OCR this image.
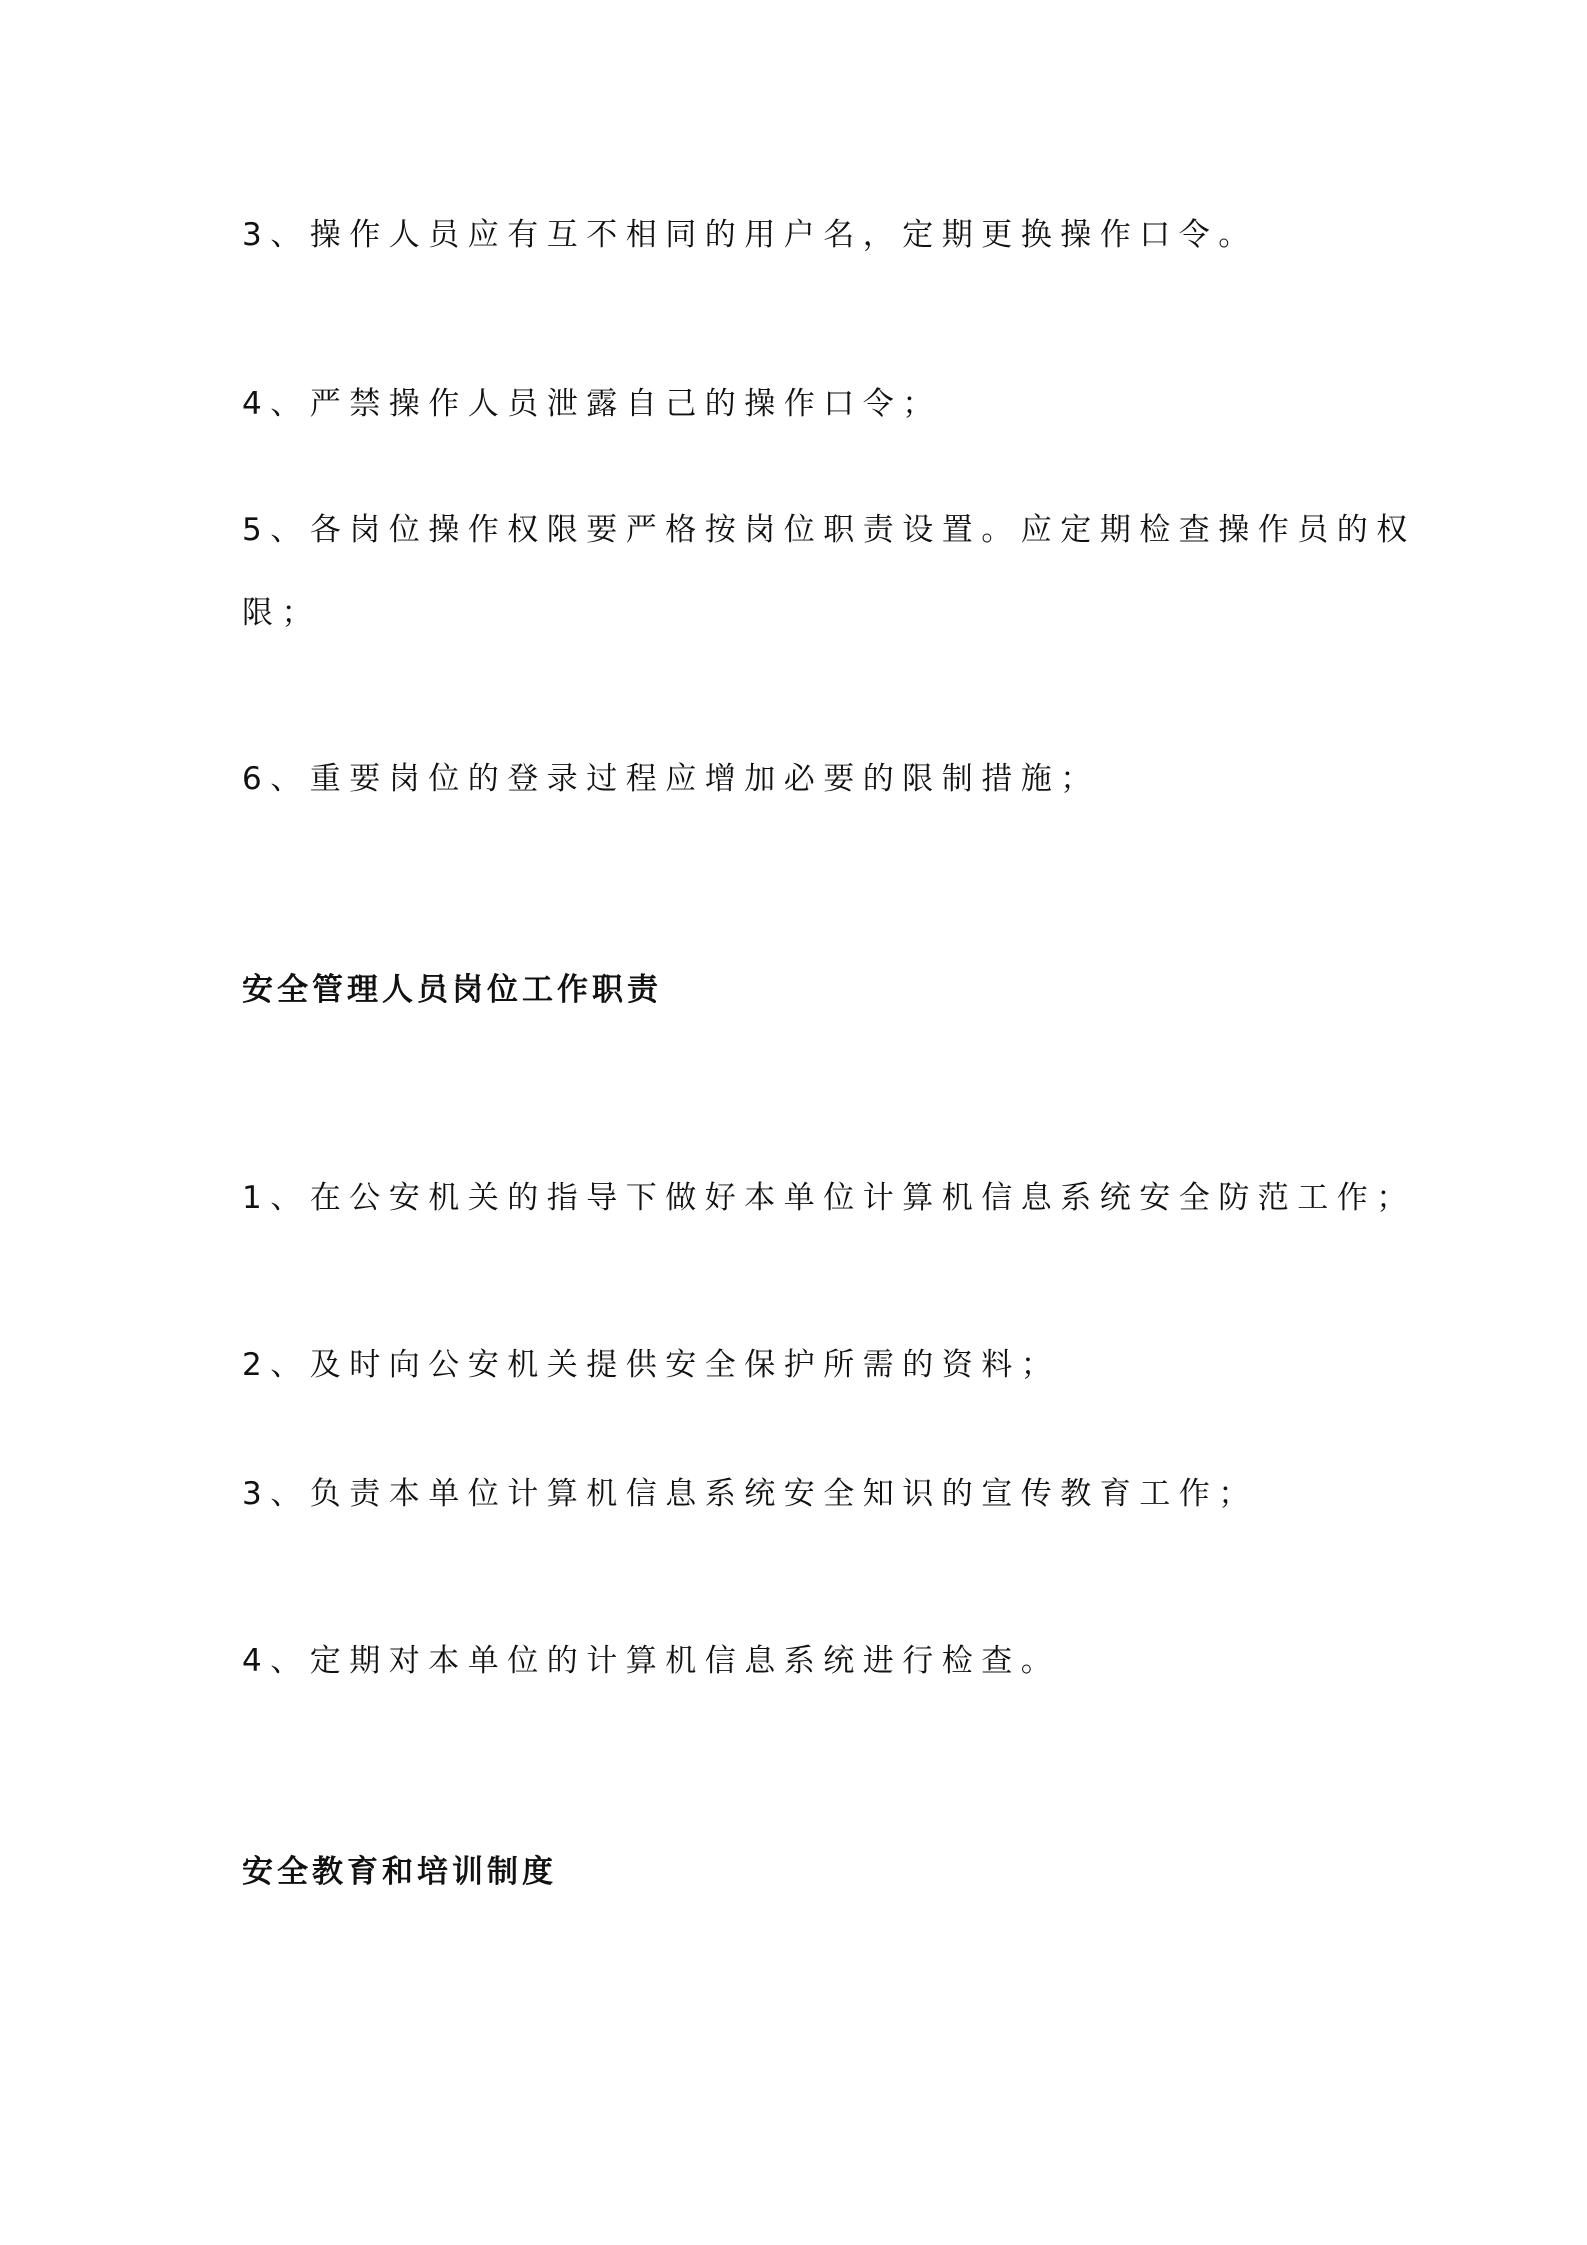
3、操作人员应有互不相同的用户名，定期更换操作口令。
4、严禁操作人员泄露自己的操作口令；
5、各岗位操作权限要严格按岗位职责设置。应定期检查操作员的权
限；
6、重要岗位的登录过程应增加必要的限制措施；
安全管理人员岗位工作职责
1、在公安机关的指导下做好本单位计算机信息系统安全防范工作；
2、及时向公安机关提供安全保护所需的资料；
3、负责本单位计算机信息系统安全知识的宣传教育工作；
4、定期对本单位的计算机信息系统进行检查。
安全教育和培训制度
